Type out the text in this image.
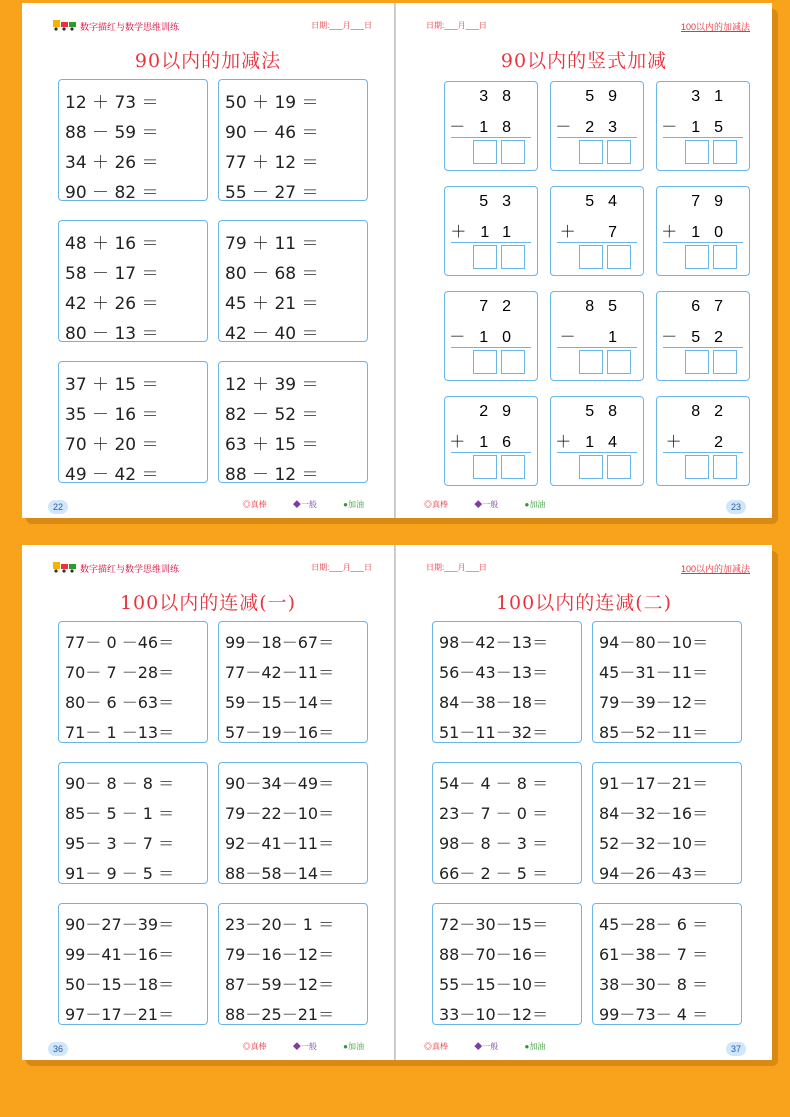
数字描红与数学思维训练	日期:___月___日
90以内的加减法
22	◎真棒	◆一般	●加油
12 ＋ 73 ＝
88 － 59 ＝
34 ＋ 26 ＝
90 － 82 ＝
50 ＋ 19 ＝
90 － 46 ＝
77 ＋ 12 ＝
55 － 27 ＝
48 ＋ 16 ＝
58 － 17 ＝
42 ＋ 26 ＝
80 － 13 ＝
79 ＋ 11 ＝
80 － 68 ＝
45 ＋ 21 ＝
42 － 40 ＝
37 ＋ 15 ＝
35 － 16 ＝
70 ＋ 20 ＝
49 － 42 ＝
12 ＋ 39 ＝
82 － 52 ＝
63 ＋ 15 ＝
88 － 12 ＝
日期:___月___日	100以内的加减法
90以内的竖式加减
◎真棒	◆一般	●加油	23
38
－18
59
－23
31
－15
53
＋11
54
＋ 7
79
＋10
72
－10
85
－ 1
67
－52
29
＋16
58
＋14
82
＋ 2
数字描红与数学思维训练	日期:___月___日
100以内的连减(一)
36	◎真棒	◆一般	●加油
77－ 0 －46＝
70－ 7 －28＝
80－ 6 －63＝
71－ 1 －13＝
99－18－67＝
77－42－11＝
59－15－14＝
57－19－16＝
90－ 8 － 8 ＝
85－ 5 － 1 ＝
95－ 3 － 7 ＝
91－ 9 － 5 ＝
90－34－49＝
79－22－10＝
92－41－11＝
88－58－14＝
90－27－39＝
99－41－16＝
50－15－18＝
97－17－21＝
23－20－ 1 ＝
79－16－12＝
87－59－12＝
88－25－21＝
日期:___月___日	100以内的加减法
100以内的连减(二)
◎真棒	◆一般	●加油	37
98－42－13＝
56－43－13＝
84－38－18＝
51－11－32＝
94－80－10＝
45－31－11＝
79－39－12＝
85－52－11＝
54－ 4 － 8 ＝
23－ 7 － 0 ＝
98－ 8 － 3 ＝
66－ 2 － 5 ＝
91－17－21＝
84－32－16＝
52－32－10＝
94－26－43＝
72－30－15＝
88－70－16＝
55－15－10＝
33－10－12＝
45－28－ 6 ＝
61－38－ 7 ＝
38－30－ 8 ＝
99－73－ 4 ＝
